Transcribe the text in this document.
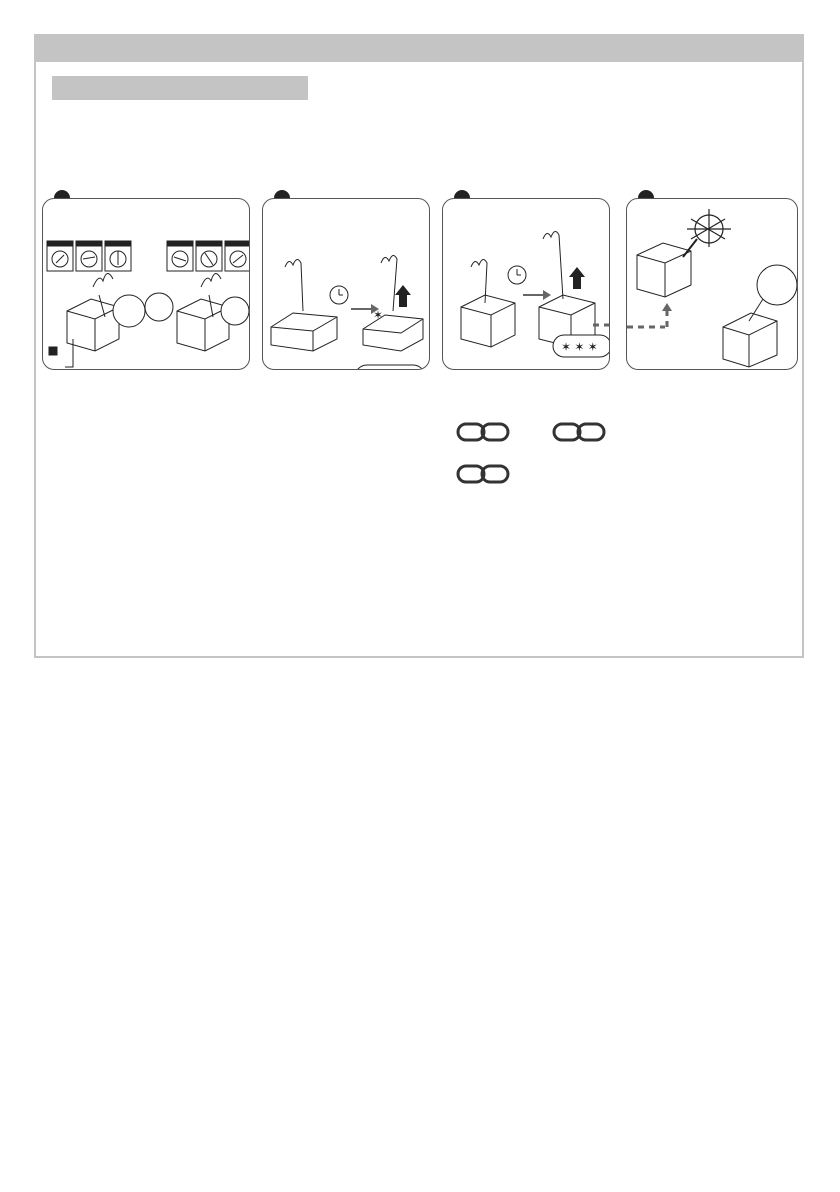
✶
✶ ✶ ✶
